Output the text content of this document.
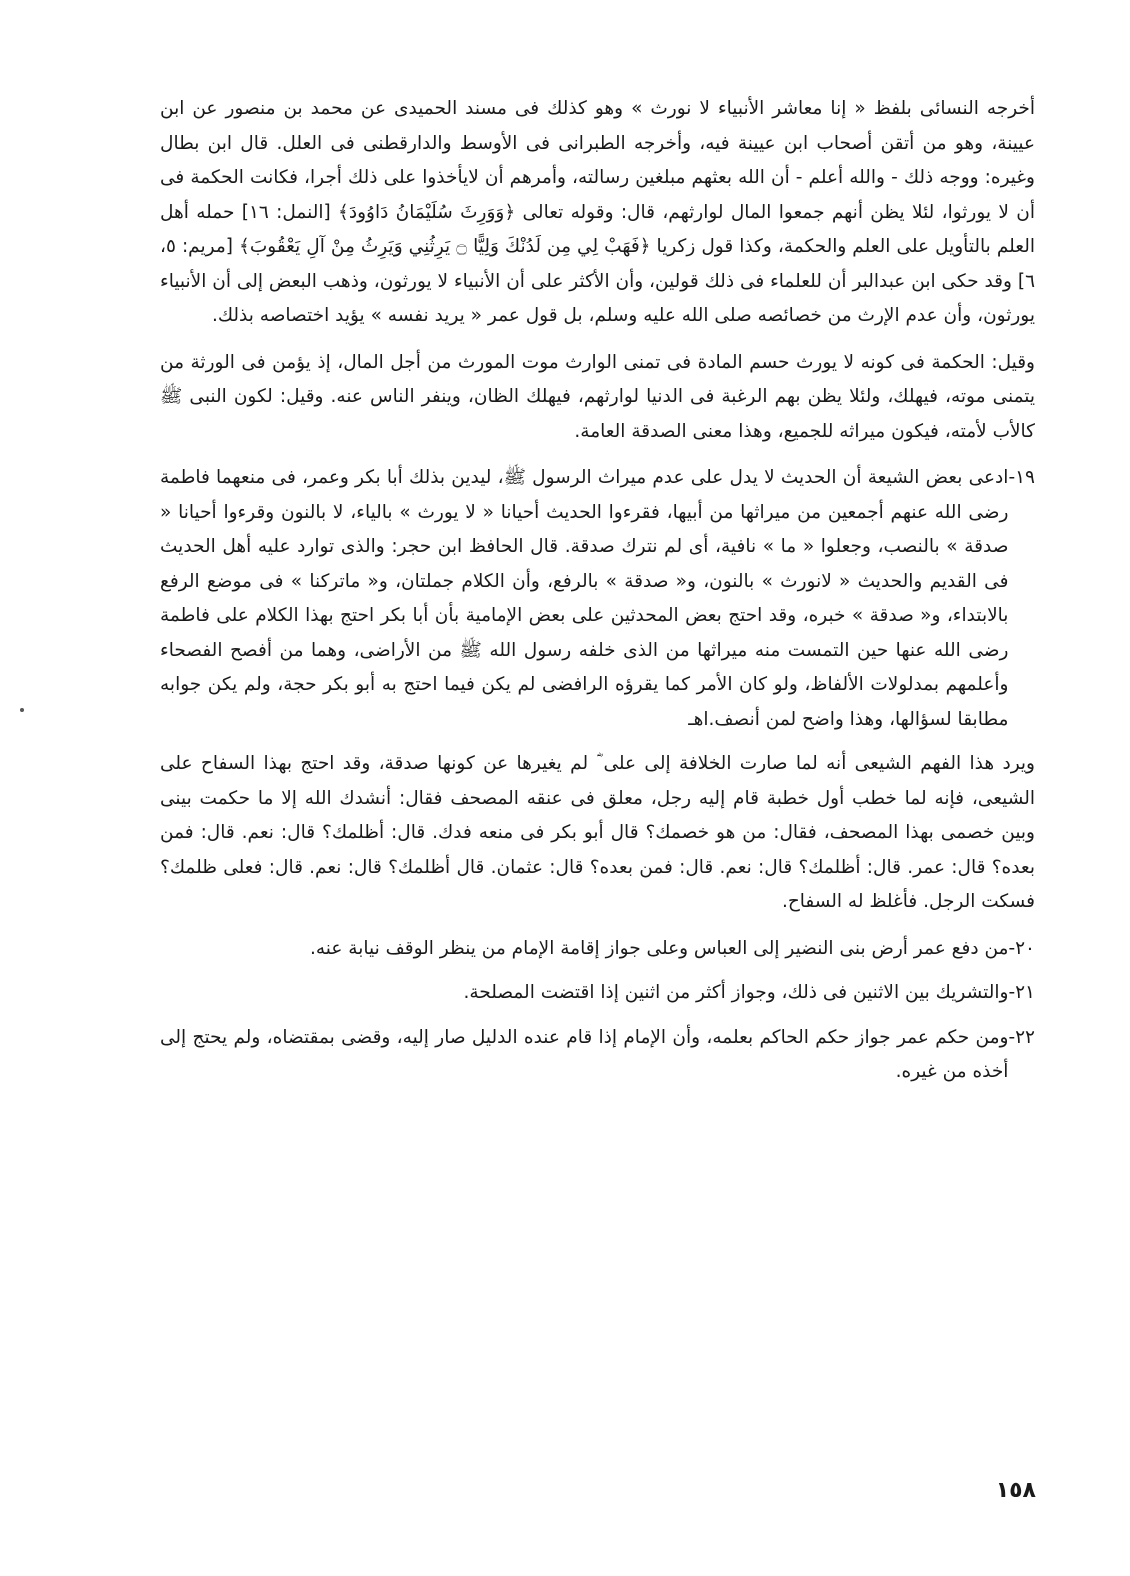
أخرجه النسائى بلفظ « إنا معاشر الأنبياء لا نورث » وهو كذلك فى مسند الحميدى عن محمد بن منصور عن ابن عيينة، وهو من أتقن أصحاب ابن عيينة فيه، وأخرجه الطبرانى فى الأوسط والدارقطنى فى العلل. قال ابن بطال وغيره: ووجه ذلك - والله أعلم - أن الله بعثهم مبلغين رسالته، وأمرهم أن لايأخذوا على ذلك أجرا، فكانت الحكمة فى أن لا يورثوا، لئلا يظن أنهم جمعوا المال لوارثهم، قال: وقوله تعالى ﴿وَوَرِثَ سُلَيْمَانُ دَاوُودَ﴾ [النمل: ١٦] حمله أهل العلم بالتأويل على العلم والحكمة، وكذا قول زكريا ﴿فَهَبْ لِي مِن لَدُنْكَ وَلِيًّا ۝ يَرِثُنِي وَيَرِثُ مِنْ آلِ يَعْقُوبَ﴾ [مريم: ٥، ٦] وقد حكى ابن عبدالبر أن للعلماء فى ذلك قولين، وأن الأكثر على أن الأنبياء لا يورثون، وذهب البعض إلى أن الأنبياء يورثون، وأن عدم الإرث من خصائصه صلى الله عليه وسلم، بل قول عمر « يريد نفسه » يؤيد اختصاصه بذلك.

وقيل: الحكمة فى كونه لا يورث حسم المادة فى تمنى الوارث موت المورث من أجل المال، إذ يؤمن فى الورثة من يتمنى موته، فيهلك، ولئلا يظن بهم الرغبة فى الدنيا لوارثهم، فيهلك الظان، وينفر الناس عنه. وقيل: لكون النبى ﷺ كالأب لأمته، فيكون ميراثه للجميع، وهذا معنى الصدقة العامة.

١٩-
ادعى بعض الشيعة أن الحديث لا يدل على عدم ميراث الرسول ﷺ، ليدين بذلك أبا بكر وعمر، فى منعهما فاطمة رضى الله عنهم أجمعين من ميراثها من أبيها، فقرءوا الحديث أحيانا « لا يورث » بالياء، لا بالنون وقرءوا أحيانا « صدقة » بالنصب، وجعلوا « ما » نافية، أى لم نترك صدقة. قال الحافظ ابن حجر: والذى توارد عليه أهل الحديث فى القديم والحديث « لانورث » بالنون، و« صدقة » بالرفع، وأن الكلام جملتان، و« ماتركنا » فى موضع الرفع بالابتداء، و« صدقة » خبره، وقد احتج بعض المحدثين على بعض الإمامية بأن أبا بكر احتج بهذا الكلام على فاطمة رضى الله عنها حين التمست منه ميراثها من الذى خلفه رسول الله ﷺ من الأراضى، وهما من أفصح الفصحاء وأعلمهم بمدلولات الألفاظ، ولو كان الأمر كما يقرؤه الرافضى لم يكن فيما احتج به أبو بكر حجة، ولم يكن جوابه مطابقا لسؤالها، وهذا واضح لمن أنصف.اهـ

ويرد هذا الفهم الشيعى أنه لما صارت الخلافة إلى على ؓ لم يغيرها عن كونها صدقة، وقد احتج بهذا السفاح على الشيعى، فإنه لما خطب أول خطبة قام إليه رجل، معلق فى عنقه المصحف فقال: أنشدك الله إلا ما حكمت بينى وبين خصمى بهذا المصحف، فقال: من هو خصمك؟ قال أبو بكر فى منعه فدك. قال: أظلمك؟ قال: نعم. قال: فمن بعده؟ قال: عمر. قال: أظلمك؟ قال: نعم. قال: فمن بعده؟ قال: عثمان. قال أظلمك؟ قال: نعم. قال: فعلى ظلمك؟ فسكت الرجل. فأغلظ له السفاح.

٢٠-
من دفع عمر أرض بنى النضير إلى العباس وعلى جواز إقامة الإمام من ينظر الوقف نيابة عنه.
٢١-
والتشريك بين الاثنين فى ذلك، وجواز أكثر من اثنين إذا اقتضت المصلحة.
٢٢-
ومن حكم عمر جواز حكم الحاكم بعلمه، وأن الإمام إذا قام عنده الدليل صار إليه، وقضى بمقتضاه، ولم يحتج إلى أخذه من غيره.
١٥٨
